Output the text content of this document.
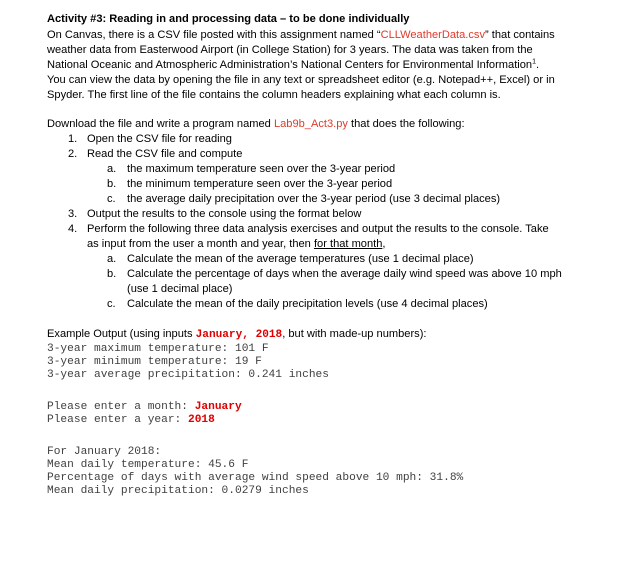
Activity #3: Reading in and processing data – to be done individually
On Canvas, there is a CSV file posted with this assignment named “CLLWeatherData.csv” that contains
weather data from Easterwood Airport (in College Station) for 3 years. The data was taken from the
National Oceanic and Atmospheric Administration’s National Centers for Environmental Information$^1$.
You can view the data by opening the file in any text or spreadsheet editor (e.g. Notepad++, Excel) or in
Spyder. The first line of the file contains the column headers explaining what each column is.
Download the file and write a program named Lab9b_Act3.py that does the following:
1. Open the CSV file for reading
2. Read the CSV file and compute
a. the maximum temperature seen over the 3-year period
b. the minimum temperature seen over the 3-year period
c. the average daily precipitation over the 3-year period (use 3 decimal places)
3. Output the results to the console using the format below
4. Perform the following three data analysis exercises and output the results to the console. Take
as input from the user a month and year, then for that month,
a. Calculate the mean of the average temperatures (use 1 decimal place)
b. Calculate the percentage of days when the average daily wind speed was above 10 mph
(use 1 decimal place)
c. Calculate the mean of the daily precipitation levels (use 4 decimal places)
Example Output (using inputs January, 2018, but with made-up numbers):
3-year maximum temperature: 101 F
3-year minimum temperature: 19 F
3-year average precipitation: 0.241 inches
Please enter a month: January
Please enter a year: 2018
For January 2018:
Mean daily temperature: 45.6 F
Percentage of days with average wind speed above 10 mph: 31.8%
Mean daily precipitation: 0.0279 inches
